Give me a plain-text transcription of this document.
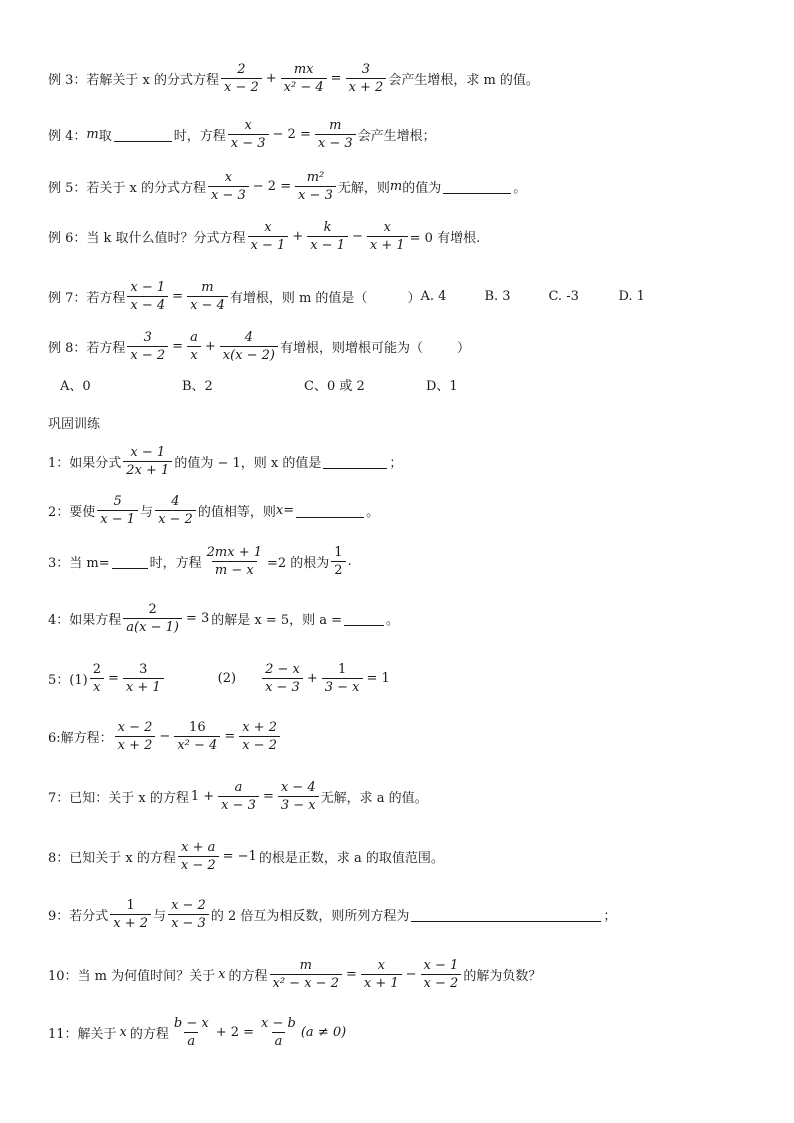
例 3：若解关于 x 的分式方程 $\frac{2}{x - 2} + \frac{mx}{\text{x² − 4}} = \frac{3}{x + 2}$ 会产生增根，求 m 的值。
例 4： m 取	时，方程 $\frac{x}{x - 3} - 2 = \frac{m}{x - 3}$ 会产生增根；
例 5：若关于 x 的分式方程 $\frac{x}{x - 3} - 2 = \frac{\text{m²}}{x - 3}$ 无解，则 m 的值为	。
例 6：当 k 取什么值时？分式方程 $\frac{x}{x - 1} + \frac{k}{x - 1} - \frac{x}{x + 1} = 0$ 有增根.
例 7：若方程 $\frac{x - 1}{x - 4} = \frac{m}{x - 4}$ 有增根，则 m 的值是（	） A. 4	B. 3	C. -3	D. 1
例 8：若方程 $\frac{3}{x - 2} = \frac{a}{x} + \frac{4}{x(x - 2)}$ 有增根，则增根可能为（	）
A、0	B、2	C、0 或 2	D、1
巩固训练
1：如果分式 $\frac{x - 1}{2x + 1}$ 的值为 − 1，则 x 的值是	；
2：要使 $\frac{5}{x - 1}$ 与 $\frac{4}{x - 2}$ 的值相等，则 x =	。
3：当 m=	时，方程 $\frac{2mx + 1}{m - x} =2$ 的根为 $\frac{1}{2}$ .
4：如果方程 $\frac{2}{a(x - 1)} = 3$ 的解是 x = 5，则 a =	。
5：$(1) \frac{2}{x} = \frac{3}{x + 1}$	$(2) \frac{2 - x}{x - 3} + \frac{1}{3 - x} = 1$
6:解方程： $\frac{x - 2}{x + 2} - \frac{16}{\text{x² − 4}} = \frac{x + 2}{x - 2}$
7：已知：关于 x 的方程 $1 + \frac{a}{x - 3} = \frac{x - 4}{3 - x}$ 无解，求 a 的值。
8：已知关于 x 的方程 $\frac{x + a}{x - 2} = -1$ 的根是正数，求 a 的取值范围。
9：若分式 $\frac{1}{x + 2}$ 与 $\frac{x - 2}{x - 3}$ 的 2 倍互为相反数，则所列方程为	；
10：当 m 为何值时间？关于 x 的方程 $\frac{m}{\text{x² − x − 2}} = \frac{x}{x + 1} - \frac{x - 1}{x - 2}$ 的解为负数？
11：解关于 x 的方程 $\frac{b - x}{a} + 2 = \frac{x - b}{a} (a \ne 0)$
